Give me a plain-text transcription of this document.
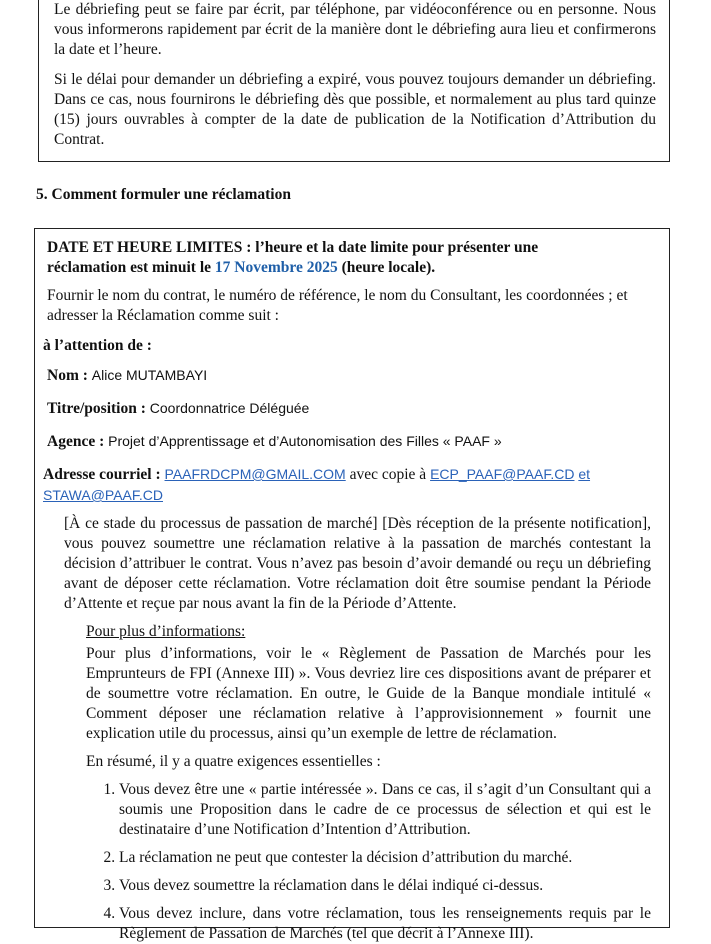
Le débriefing peut se faire par écrit, par téléphone, par vidéoconférence ou en personne. Nous vous informerons rapidement par écrit de la manière dont le débriefing aura lieu et confirmerons la date et l’heure.

Si le délai pour demander un débriefing a expiré, vous pouvez toujours demander un débriefing. Dans ce cas, nous fournirons le débriefing dès que possible, et normalement au plus tard quinze (15) jours ouvrables à compter de la date de publication de la Notification d’Attribution du Contrat.

5. Comment formuler une réclamation
DATE ET HEURE LIMITES : l’heure et la date limite pour présenter une réclamation est minuit le 17 Novembre 2025 (heure locale).
Fournir le nom du contrat, le numéro de référence, le nom du Consultant, les coordonnées ; et adresser la Réclamation comme suit :
à l’attention de :
Nom : Alice MUTAMBAYI
Titre/position : Coordonnatrice Déléguée
Agence : Projet d’Apprentissage et d’Autonomisation des Filles « PAAF »
Adresse courriel : PAAFRDCPM@GMAIL.COM avec copie à ECP_PAAF@PAAF.CD et STAWA@PAAF.CD
[À ce stade du processus de passation de marché] [Dès réception de la présente notification], vous pouvez soumettre une réclamation relative à la passation de marchés contestant la décision d’attribuer le contrat. Vous n’avez pas besoin d’avoir demandé ou reçu un débriefing avant de déposer cette réclamation. Votre réclamation doit être soumise pendant la Période d’Attente et reçue par nous avant la fin de la Période d’Attente.
Pour plus d’informations:
Pour plus d’informations, voir le « Règlement de Passation de Marchés pour les Emprunteurs de FPI (Annexe III) ». Vous devriez lire ces dispositions avant de préparer et de soumettre votre réclamation. En outre, le Guide de la Banque mondiale intitulé « Comment déposer une réclamation relative à l’approvisionnement » fournit une explication utile du processus, ainsi qu’un exemple de lettre de réclamation.
En résumé, il y a quatre exigences essentielles :
1. Vous devez être une « partie intéressée ». Dans ce cas, il s’agit d’un Consultant qui a soumis une Proposition dans le cadre de ce processus de sélection et qui est le destinataire d’une Notification d’Intention d’Attribution.
2. La réclamation ne peut que contester la décision d’attribution du marché.
3. Vous devez soumettre la réclamation dans le délai indiqué ci-dessus.
4. Vous devez inclure, dans votre réclamation, tous les renseignements requis par le Règlement de Passation de Marchés (tel que décrit à l’Annexe III).
